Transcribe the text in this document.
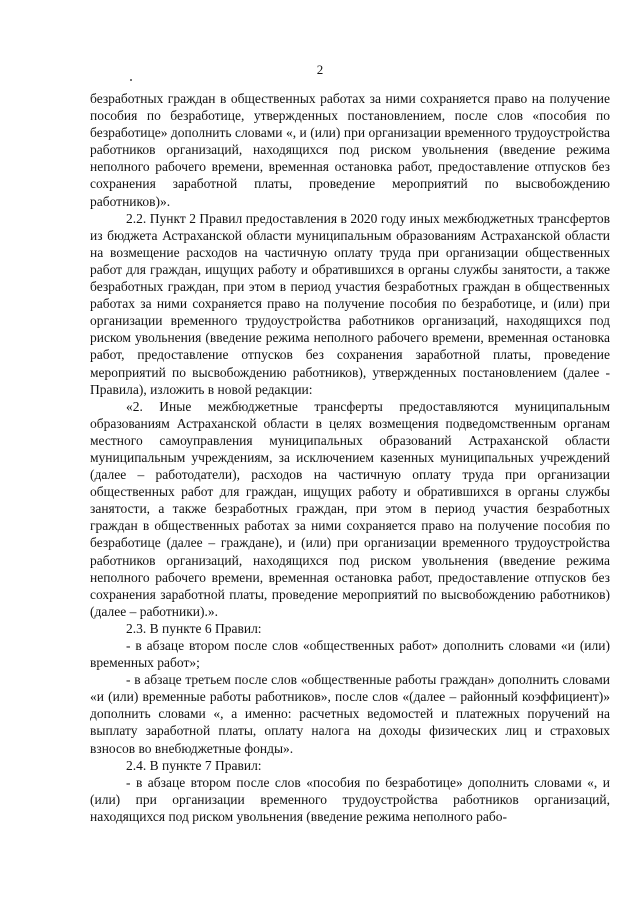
2

безработных граждан в общественных работах за ними сохраняется право на получение пособия по безработице, утвержденных постановлением, после слов «пособия по безработице» дополнить словами «, и (или) при организации временного трудоустройства работников организаций, находящихся под риском увольнения (введение режима неполного рабочего времени, временная остановка работ, предоставление отпусков без сохранения заработной платы, проведение мероприятий по высвобождению работников)».

2.2. Пункт 2 Правил предоставления в 2020 году иных межбюджетных трансфертов из бюджета Астраханской области муниципальным образованиям Астраханской области на возмещение расходов на частичную оплату труда при организации общественных работ для граждан, ищущих работу и обратившихся в органы службы занятости, а также безработных граждан, при этом в период участия безработных граждан в общественных работах за ними сохраняется право на получение пособия по безработице, и (или) при организации временного трудоустройства работников организаций, находящихся под риском увольнения (введение режима неполного рабочего времени, временная остановка работ, предоставление отпусков без сохранения заработной платы, проведение мероприятий по высвобождению работников), утвержденных постановлением (далее - Правила), изложить в новой редакции:

«2. Иные межбюджетные трансферты предоставляются муниципальным образованиям Астраханской области в целях возмещения подведомственным органам местного самоуправления муниципальных образований Астраханской области муниципальным учреждениям, за исключением казенных муниципальных учреждений (далее – работодатели), расходов на частичную оплату труда при организации общественных работ для граждан, ищущих работу и обратившихся в органы службы занятости, а также безработных граждан, при этом в период участия безработных граждан в общественных работах за ними сохраняется право на получение пособия по безработице (далее – граждане), и (или) при организации временного трудоустройства работников организаций, находящихся под риском увольнения (введение режима неполного рабочего времени, временная остановка работ, предоставление отпусков без сохранения заработной платы, проведение мероприятий по высвобождению работников) (далее – работники).».

2.3. В пункте 6 Правил:

- в абзаце втором после слов «общественных работ» дополнить словами «и (или) временных работ»;

- в абзаце третьем после слов «общественные работы граждан» дополнить словами «и (или) временные работы работников», после слов «(далее – районный коэффициент)» дополнить словами «, а именно: расчетных ведомостей и платежных поручений на выплату заработной платы, оплату налога на доходы физических лиц и страховых взносов во внебюджетные фонды».

2.4. В пункте 7 Правил:

- в абзаце втором после слов «пособия по безработице» дополнить словами «, и (или) при организации временного трудоустройства работников организаций, находящихся под риском увольнения (введение режима неполного рабо-
